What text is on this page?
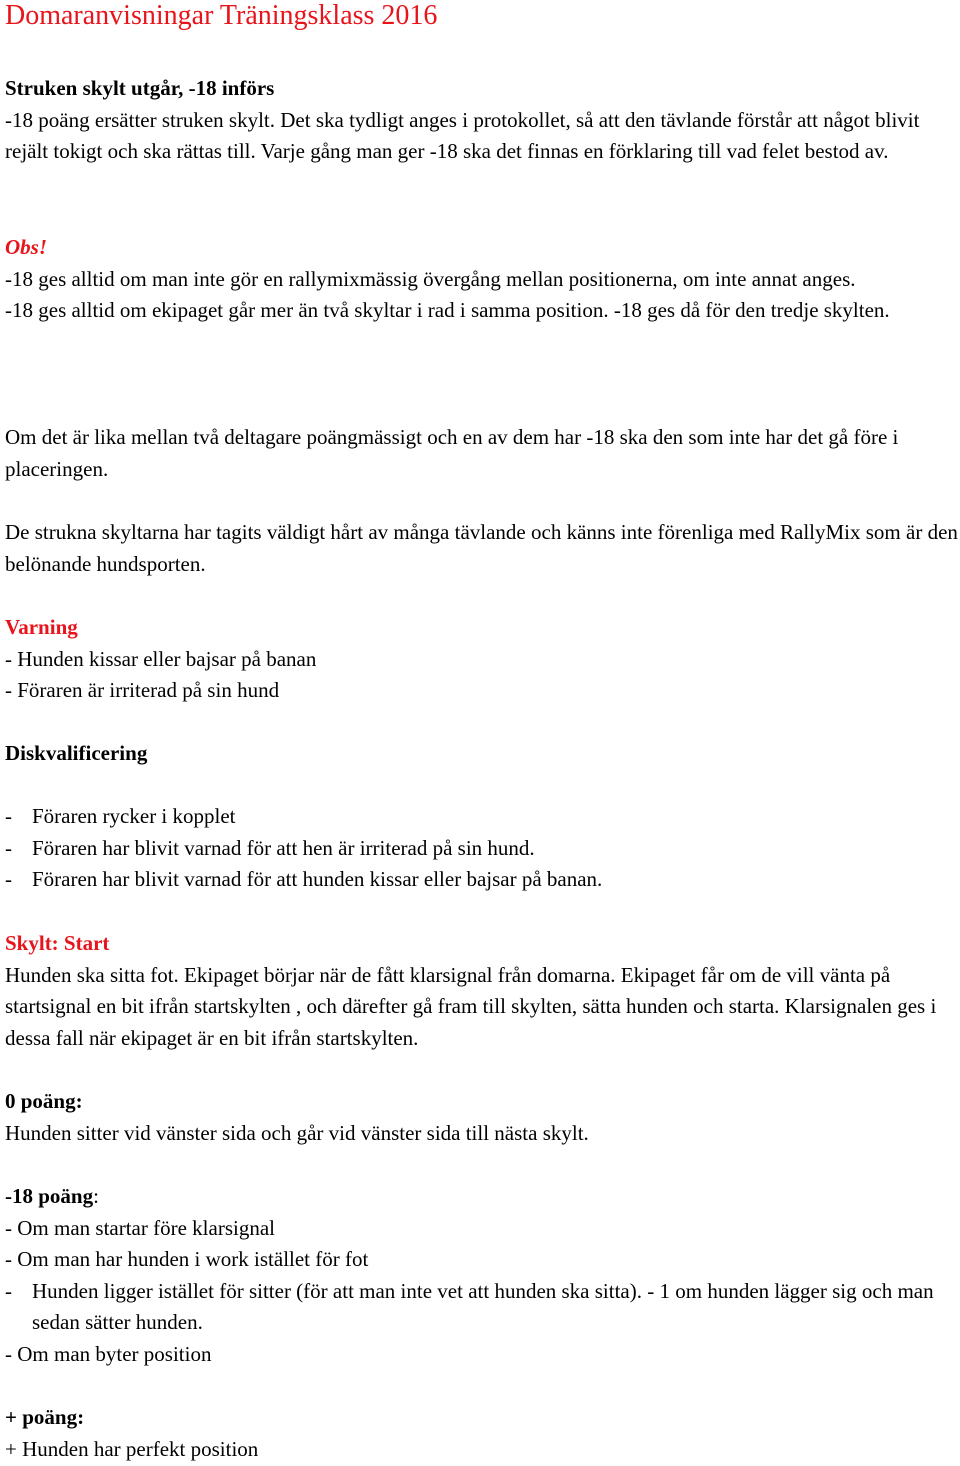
Domaranvisningar Träningsklass 2016
Struken skylt utgår, -18 införs
-18 poäng ersätter struken skylt. Det ska tydligt anges i protokollet, så att den tävlande förstår att något blivit rejält tokigt och ska rättas till. Varje gång man ger -18 ska det finnas en förklaring till vad felet bestod av.
Obs!
-18 ges alltid om man inte gör en rallymixmässig övergång mellan positionerna, om inte annat anges.
-18 ges alltid om ekipaget går mer än två skyltar i rad i samma position. -18 ges då för den tredje skylten.
Om det är lika mellan två deltagare poängmässigt och en av dem har -18 ska den som inte har det gå före i placeringen.
De strukna skyltarna har tagits väldigt hårt av många tävlande och känns inte förenliga med RallyMix som är den belönande hundsporten.
Varning
- Hunden kissar eller bajsar på banan
- Föraren är irriterad på sin hund
Diskvalificering
- Föraren rycker i kopplet
- Föraren har blivit varnad för att hen är irriterad på sin hund.
- Föraren har blivit varnad för att hunden kissar eller bajsar på banan.
Skylt: Start
Hunden ska sitta fot. Ekipaget börjar när de fått klarsignal från domarna. Ekipaget får om de vill vänta på startsignal en bit ifrån startskylten , och därefter gå fram till skylten, sätta hunden och starta. Klarsignalen ges i dessa fall när ekipaget är en bit ifrån startskylten.
0 poäng:
Hunden sitter vid vänster sida och går vid vänster sida till nästa skylt.
-18 poäng:
- Om man startar före klarsignal
- Om man har hunden i work istället för fot
- Hunden ligger istället för sitter (för att man inte vet att hunden ska sitta). - 1 om hunden lägger sig och man sedan sätter hunden.
- Om man byter position
+ poäng:
+ Hunden har perfekt position
